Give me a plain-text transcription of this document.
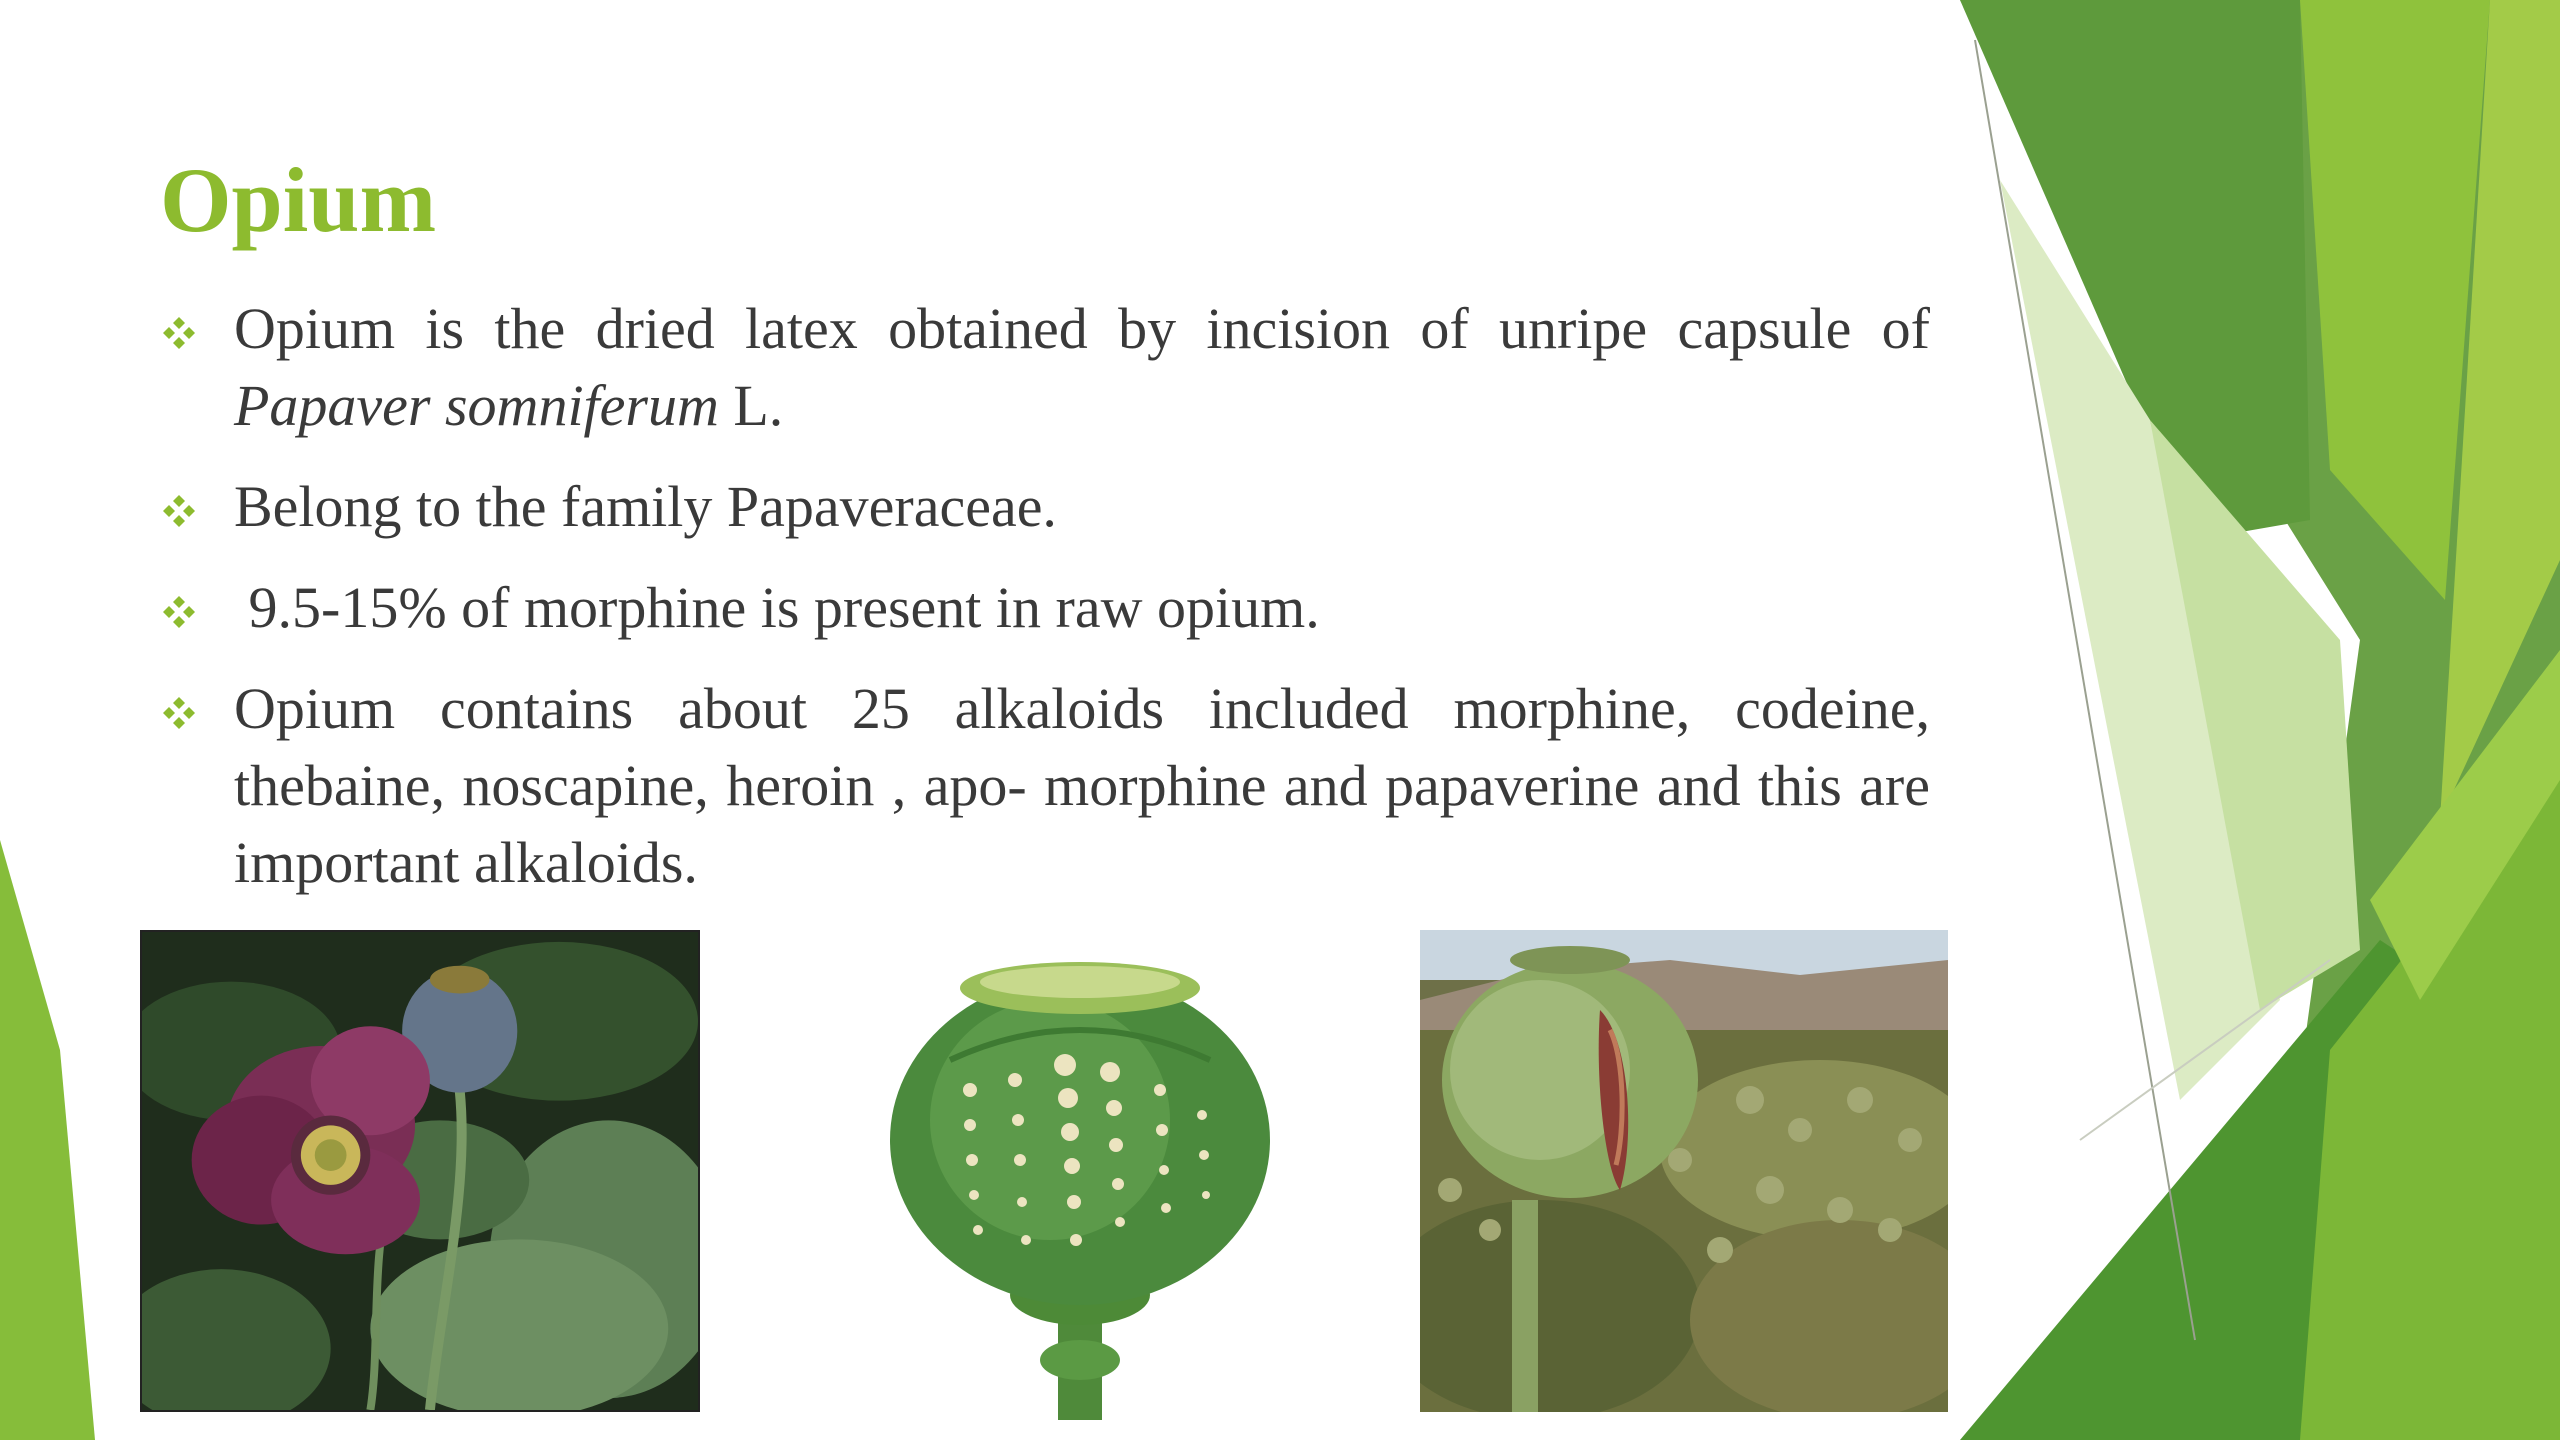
Opium
Opium is the dried latex obtained by incision of unripe capsule of Papaver somniferum L.
Belong to the family Papaveraceae.
9.5-15% of morphine is present in raw opium.
Opium contains about 25 alkaloids included morphine, codeine, thebaine, noscapine, heroin , apo- morphine and papaverine and this are important alkaloids.
